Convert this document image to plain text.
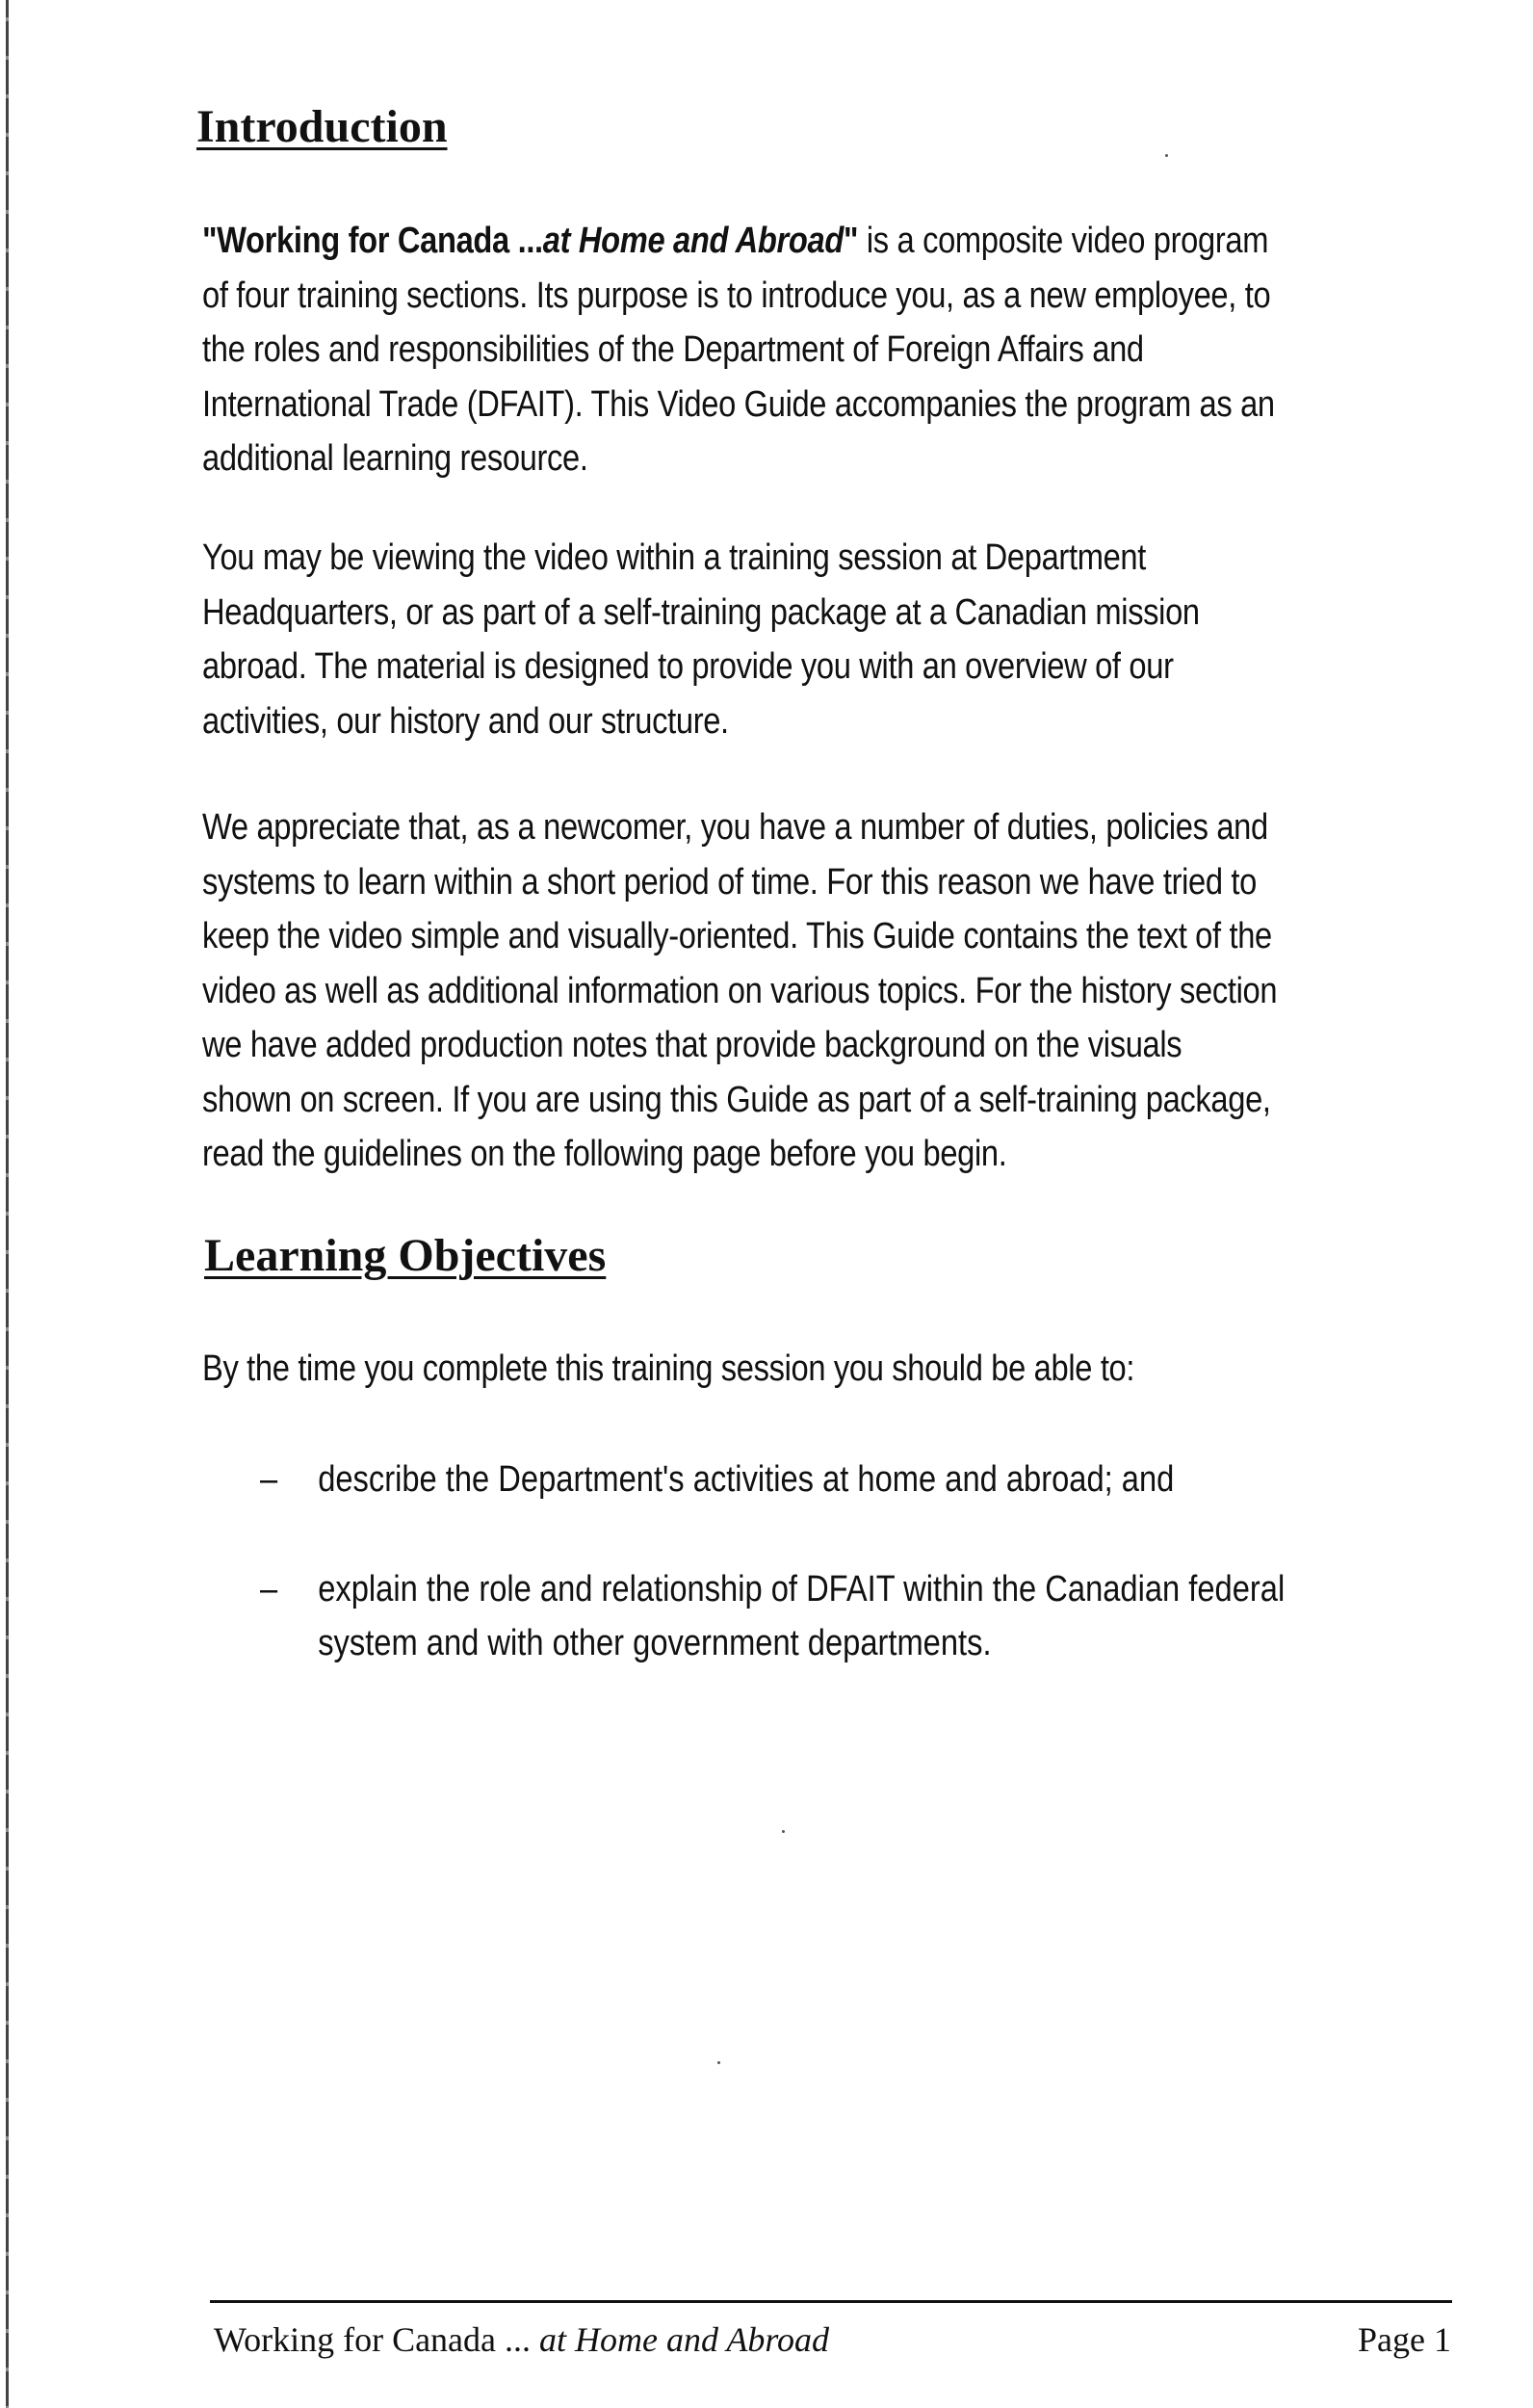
Introduction

"Working for Canada ...at Home and Abroad" is a composite video program of four training sections. Its purpose is to introduce you, as a new employee, to the roles and responsibilities of the Department of Foreign Affairs and International Trade (DFAIT). This Video Guide accompanies the program as an additional learning resource.

You may be viewing the video within a training session at Department Headquarters, or as part of a self-training package at a Canadian mission abroad. The material is designed to provide you with an overview of our activities, our history and our structure.

We appreciate that, as a newcomer, you have a number of duties, policies and systems to learn within a short period of time. For this reason we have tried to keep the video simple and visually-oriented. This Guide contains the text of the video as well as additional information on various topics. For the history section we have added production notes that provide background on the visuals shown on screen. If you are using this Guide as part of a self-training package, read the guidelines on the following page before you begin.

Learning Objectives

By the time you complete this training session you should be able to:

– describe the Department's activities at home and abroad; and
– explain the role and relationship of DFAIT within the Canadian federal system and with other government departments.
Working for Canada ... at Home and Abroad	Page 1
